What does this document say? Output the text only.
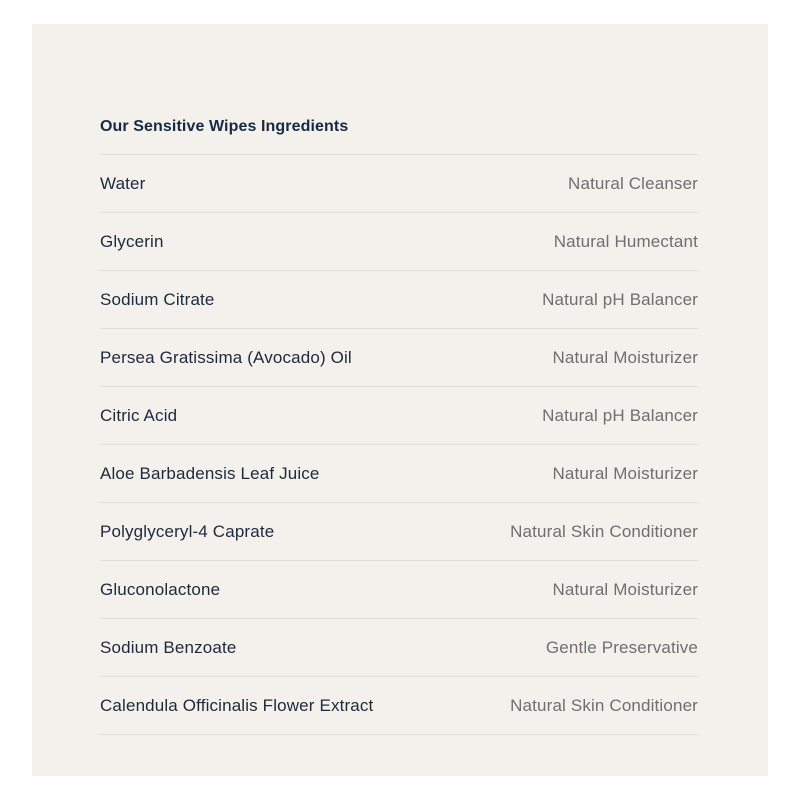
Our Sensitive Wipes Ingredients
Water	Natural Cleanser
Glycerin	Natural Humectant
Sodium Citrate	Natural pH Balancer
Persea Gratissima (Avocado) Oil	Natural Moisturizer
Citric Acid	Natural pH Balancer
Aloe Barbadensis Leaf Juice	Natural Moisturizer
Polyglyceryl-4 Caprate	Natural Skin Conditioner
Gluconolactone	Natural Moisturizer
Sodium Benzoate	Gentle Preservative
Calendula Officinalis Flower Extract	Natural Skin Conditioner
